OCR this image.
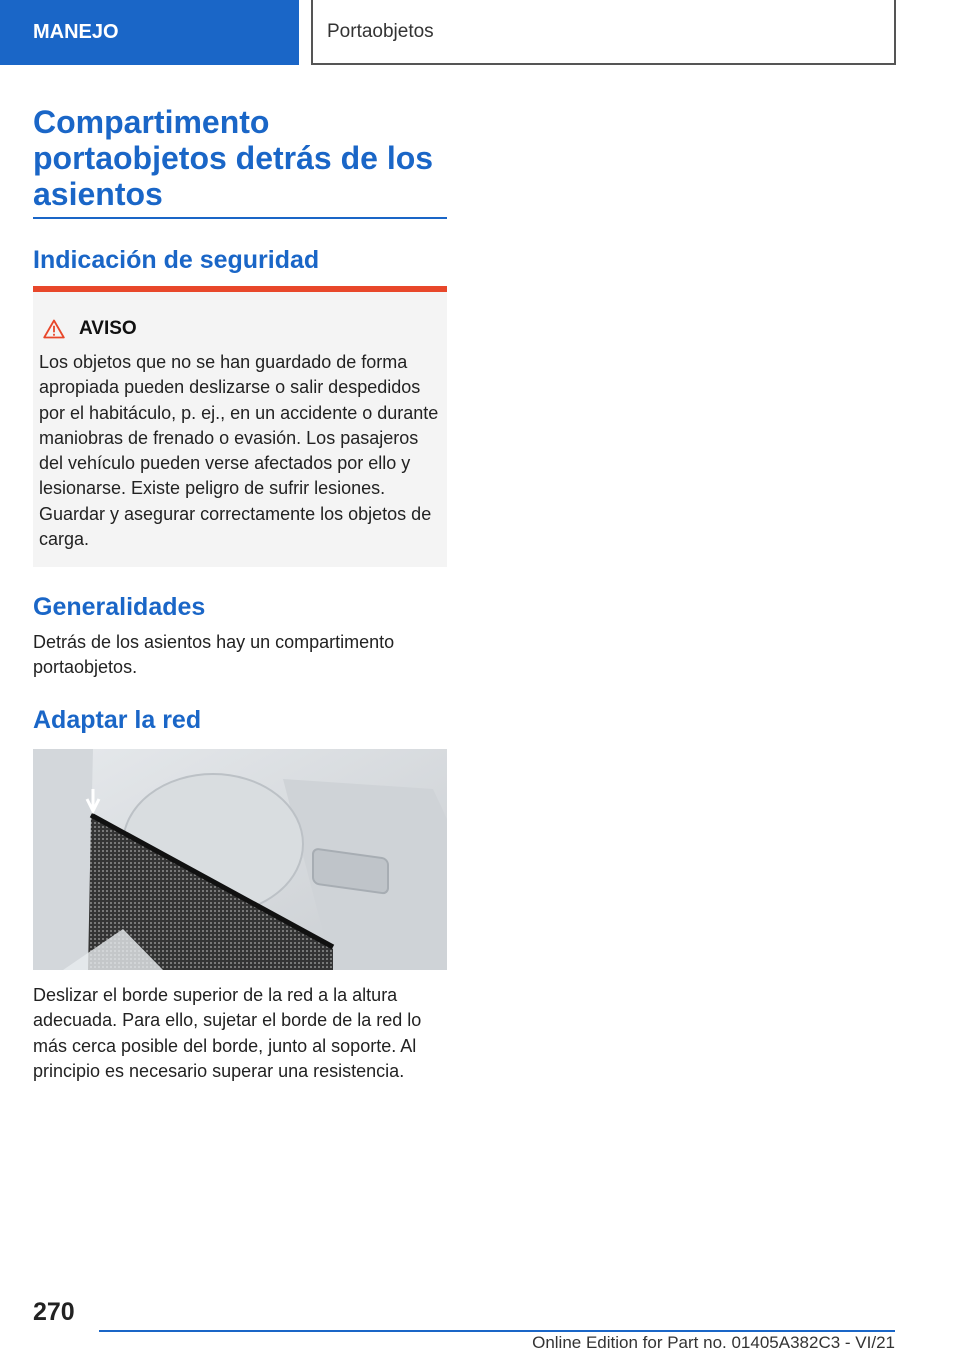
MANEJO	Portaobjetos
Compartimento portaobjetos detrás de los asientos
Indicación de seguridad
AVISO

Los objetos que no se han guardado de forma apropiada pueden deslizarse o salir despedidos por el habitáculo, p. ej., en un accidente o durante maniobras de frenado o evasión. Los pasajeros del vehículo pueden verse afectados por ello y lesionarse. Existe peligro de sufrir lesiones. Guardar y asegurar correctamente los objetos de carga.

Generalidades

Detrás de los asientos hay un compartimento portaobjetos.

Adaptar la red

Deslizar el borde superior de la red a la altura adecuada. Para ello, sujetar el borde de la red lo más cerca posible del borde, junto al soporte. Al principio es necesario superar una resistencia.

270
Online Edition for Part no. 01405A382C3 - VI/21
